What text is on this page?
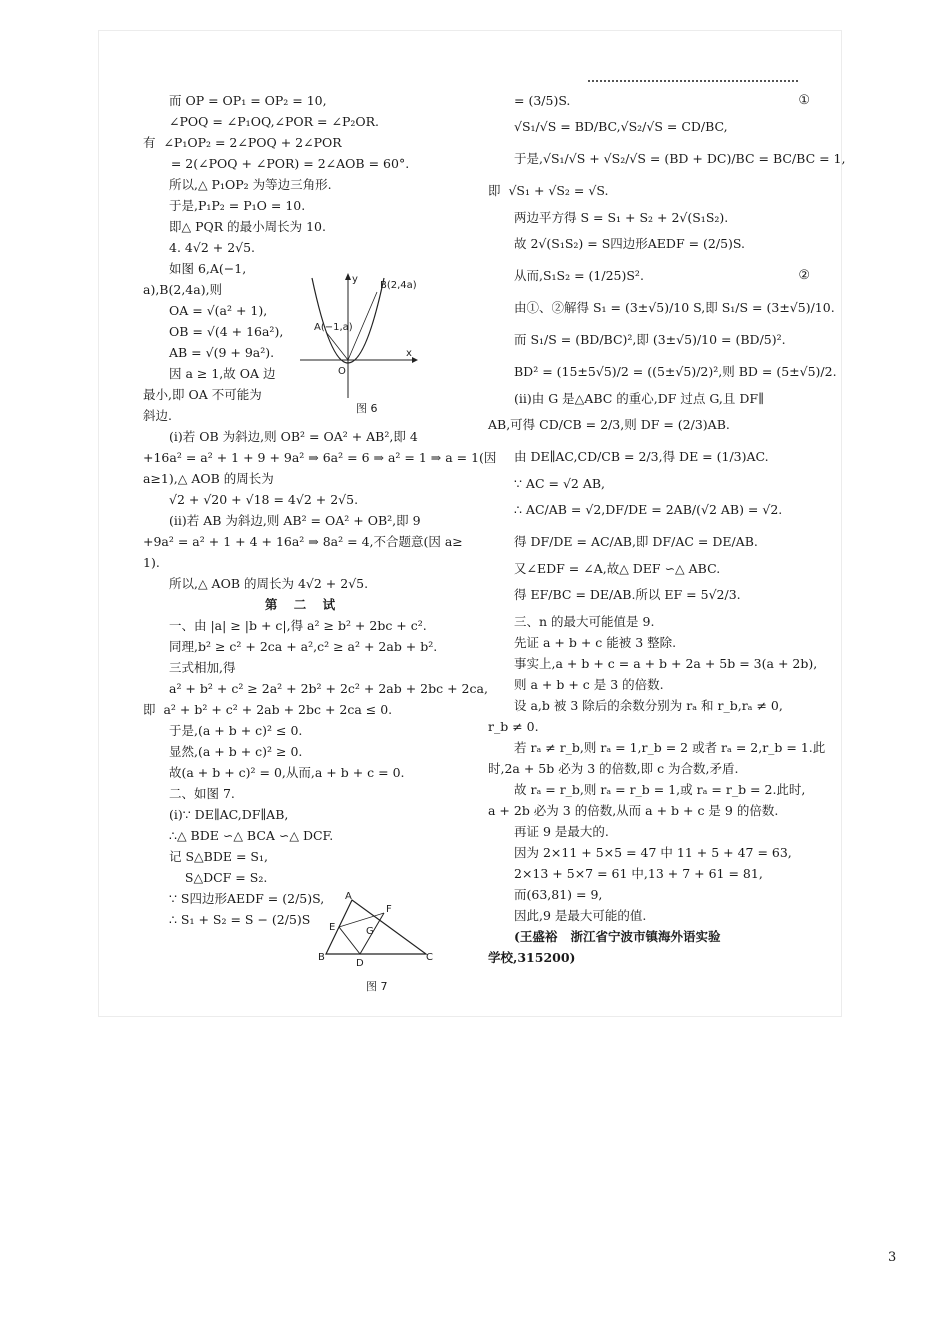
而 OP = OP₁ = OP₂ = 10,
∠POQ = ∠P₁OQ,∠POR = ∠P₂OR.
有  ∠P₁OP₂ = 2∠POQ + 2∠POR
= 2(∠POQ + ∠POR) = 2∠AOB = 60°.
所以,△ P₁OP₂ 为等边三角形.
于是,P₁P₂ = P₁O = 10.
即△ PQR 的最小周长为 10.
4. 4√2 + 2√5.
如图 6,A(−1,
a),B(2,4a),则
OA = √(a² + 1),
OB = √(4 + 16a²),
AB = √(9 + 9a²).
因 a ≥ 1,故 OA 边
最小,即 OA 不可能为
斜边.
(i)若 OB 为斜边,则 OB² = OA² + AB²,即 4
+16a² = a² + 1 + 9 + 9a² ⇒ 6a² = 6 ⇒ a² = 1 ⇒ a = 1(因
a≥1),△ AOB 的周长为
√2 + √20 + √18 = 4√2 + 2√5.
(ii)若 AB 为斜边,则 AB² = OA² + OB²,即 9
+9a² = a² + 1 + 4 + 16a² ⇒ 8a² = 4,不合题意(因 a≥
1).
所以,△ AOB 的周长为 4√2 + 2√5.
第 二 试
一、由 |a| ≥ |b + c|,得 a² ≥ b² + 2bc + c².
同理,b² ≥ c² + 2ca + a²,c² ≥ a² + 2ab + b².
三式相加,得
a² + b² + c² ≥ 2a² + 2b² + 2c² + 2ab + 2bc + 2ca,
即  a² + b² + c² + 2ab + 2bc + 2ca ≤ 0.
于是,(a + b + c)² ≤ 0.
显然,(a + b + c)² ≥ 0.
故(a + b + c)² = 0,从而,a + b + c = 0.
二、如图 7.
(i)∵ DE∥AC,DF∥AB,
∴△ BDE ∽△ BCA ∽△ DCF.
记 S△BDE = S₁,
S△DCF = S₂.
∵ S四边形AEDF = (2/5)S,
∴ S₁ + S₂ = S − (2/5)S
B(2,4a)
A(−1,a)
O
x
y
图 6
A
E
F
G
B
D
C
图 7
= (3/5)S.	①
√S₁/√S = BD/BC,√S₂/√S = CD/BC,
于是,√S₁/√S + √S₂/√S = (BD + DC)/BC = BC/BC = 1,
即  √S₁ + √S₂ = √S.
两边平方得 S = S₁ + S₂ + 2√(S₁S₂).
故 2√(S₁S₂) = S四边形AEDF = (2/5)S.
从而,S₁S₂ = (1/25)S².	②
由①、②解得 S₁ = (3±√5)/10 S,即 S₁/S = (3±√5)/10.
而 S₁/S = (BD/BC)²,即 (3±√5)/10 = (BD/5)².
BD² = (15±5√5)/2 = ((5±√5)/2)²,则 BD = (5±√5)/2.
(ii)由 G 是△ABC 的重心,DF 过点 G,且 DF∥
AB,可得 CD/CB = 2/3,则 DF = (2/3)AB.
由 DE∥AC,CD/CB = 2/3,得 DE = (1/3)AC.
∵ AC = √2 AB,
∴ AC/AB = √2,DF/DE = 2AB/(√2 AB) = √2.
得 DF/DE = AC/AB,即 DF/AC = DE/AB.
又∠EDF = ∠A,故△ DEF ∽△ ABC.
得 EF/BC = DE/AB.所以 EF = 5√2/3.
三、n 的最大可能值是 9.
先证 a + b + c 能被 3 整除.
事实上,a + b + c = a + b + 2a + 5b = 3(a + 2b),
则 a + b + c 是 3 的倍数.
设 a,b 被 3 除后的余数分别为 rₐ 和 r_b,rₐ ≠ 0,
r_b ≠ 0.
若 rₐ ≠ r_b,则 rₐ = 1,r_b = 2 或者 rₐ = 2,r_b = 1.此
时,2a + 5b 必为 3 的倍数,即 c 为合数,矛盾.
故 rₐ = r_b,则 rₐ = r_b = 1,或 rₐ = r_b = 2.此时,
a + 2b 必为 3 的倍数,从而 a + b + c 是 9 的倍数.
再证 9 是最大的.
因为 2×11 + 5×5 = 47 中 11 + 5 + 47 = 63,
2×13 + 5×7 = 61 中,13 + 7 + 61 = 81,
而(63,81) = 9,
因此,9 是最大可能的值.
(王盛裕   浙江省宁波市镇海外语实验
学校,315200)
3
